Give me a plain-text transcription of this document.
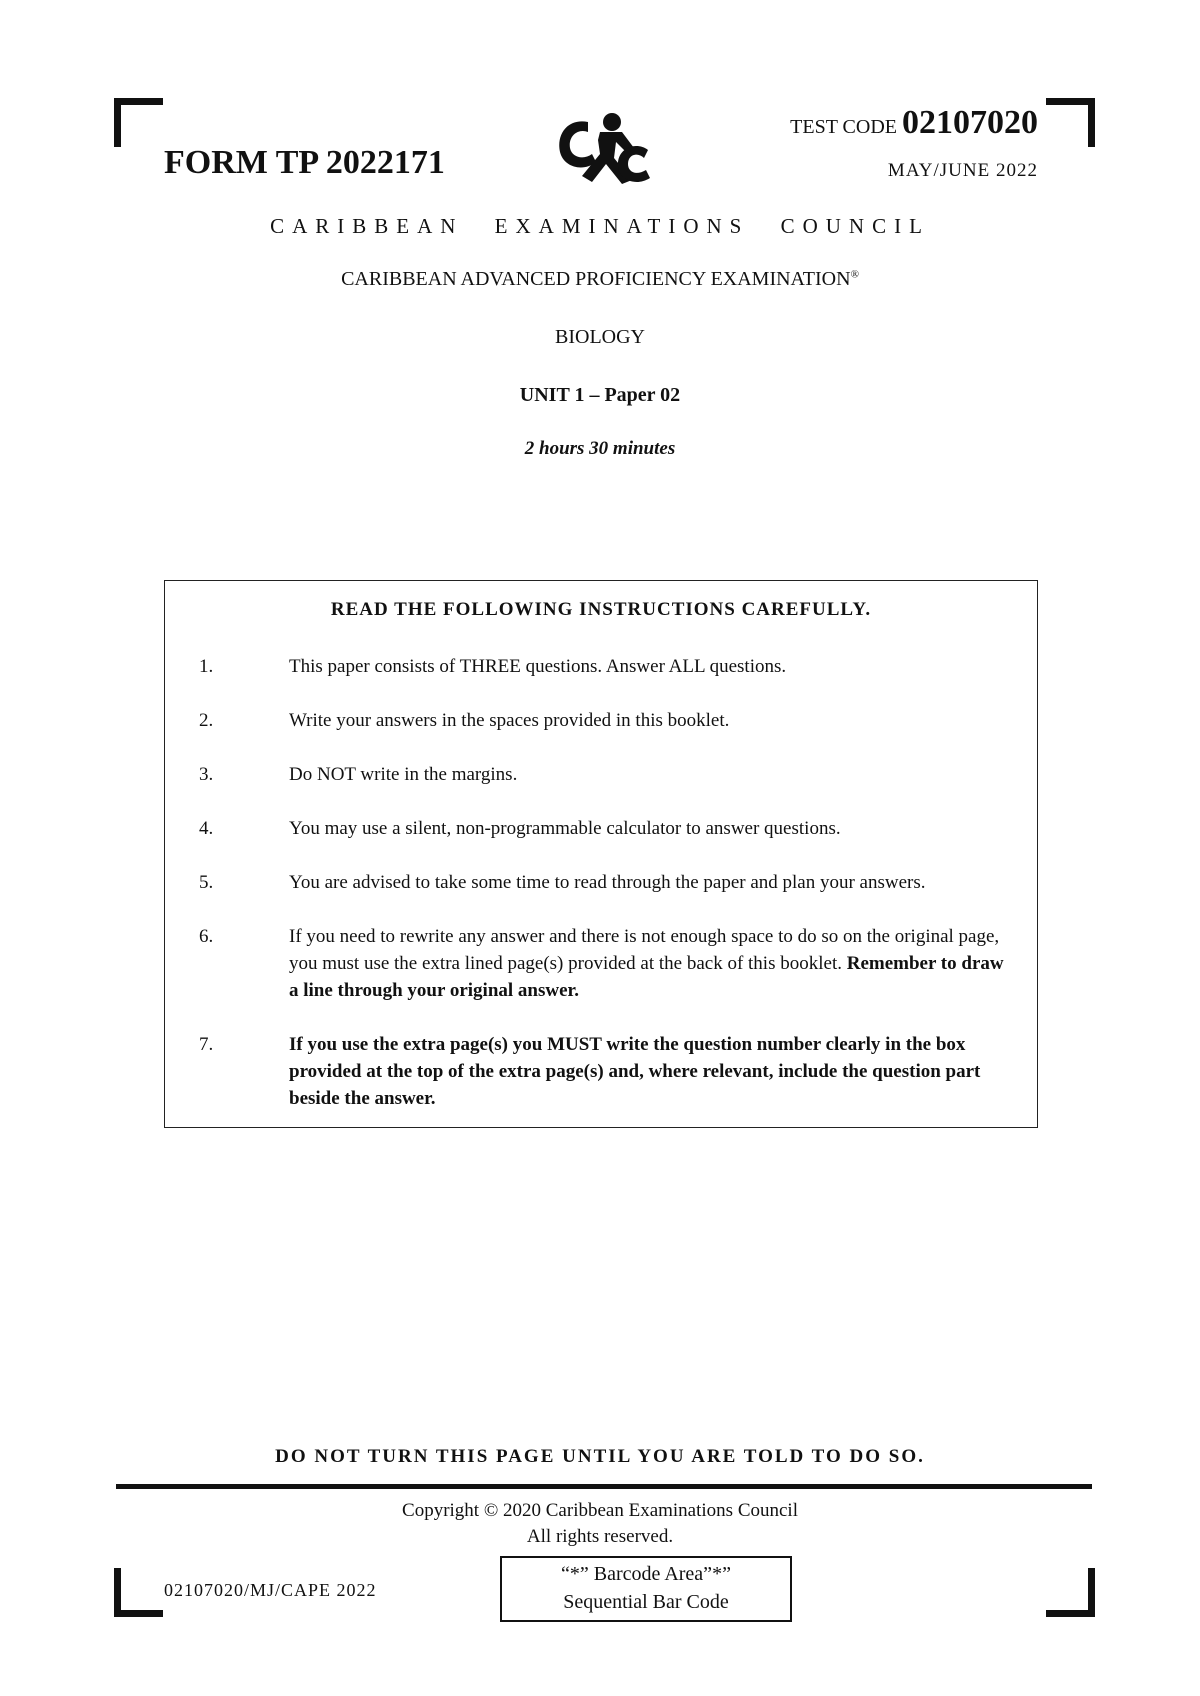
FORM TP 2022171
TEST CODE 02107020
MAY/JUNE 2022
CARIBBEAN EXAMINATIONS COUNCIL
CARIBBEAN ADVANCED PROFICIENCY EXAMINATION®
BIOLOGY
UNIT 1 – Paper 02
2 hours 30 minutes
READ THE FOLLOWING INSTRUCTIONS CAREFULLY.
1.	This paper consists of THREE questions. Answer ALL questions.
2.	Write your answers in the spaces provided in this booklet.
3.	Do NOT write in the margins.
4.	You may use a silent, non-programmable calculator to answer questions.
5.	You are advised to take some time to read through the paper and plan your answers.
6.	If you need to rewrite any answer and there is not enough space to do so on the original page, you must use the extra lined page(s) provided at the back of this booklet. Remember to draw a line through your original answer.
7.	If you use the extra page(s) you MUST write the question number clearly in the box provided at the top of the extra page(s) and, where relevant, include the question part beside the answer.
DO NOT TURN THIS PAGE UNTIL YOU ARE TOLD TO DO SO.
Copyright © 2020 Caribbean Examinations Council
All rights reserved.
02107020/MJ/CAPE 2022
“*” Barcode Area”*”
Sequential Bar Code
